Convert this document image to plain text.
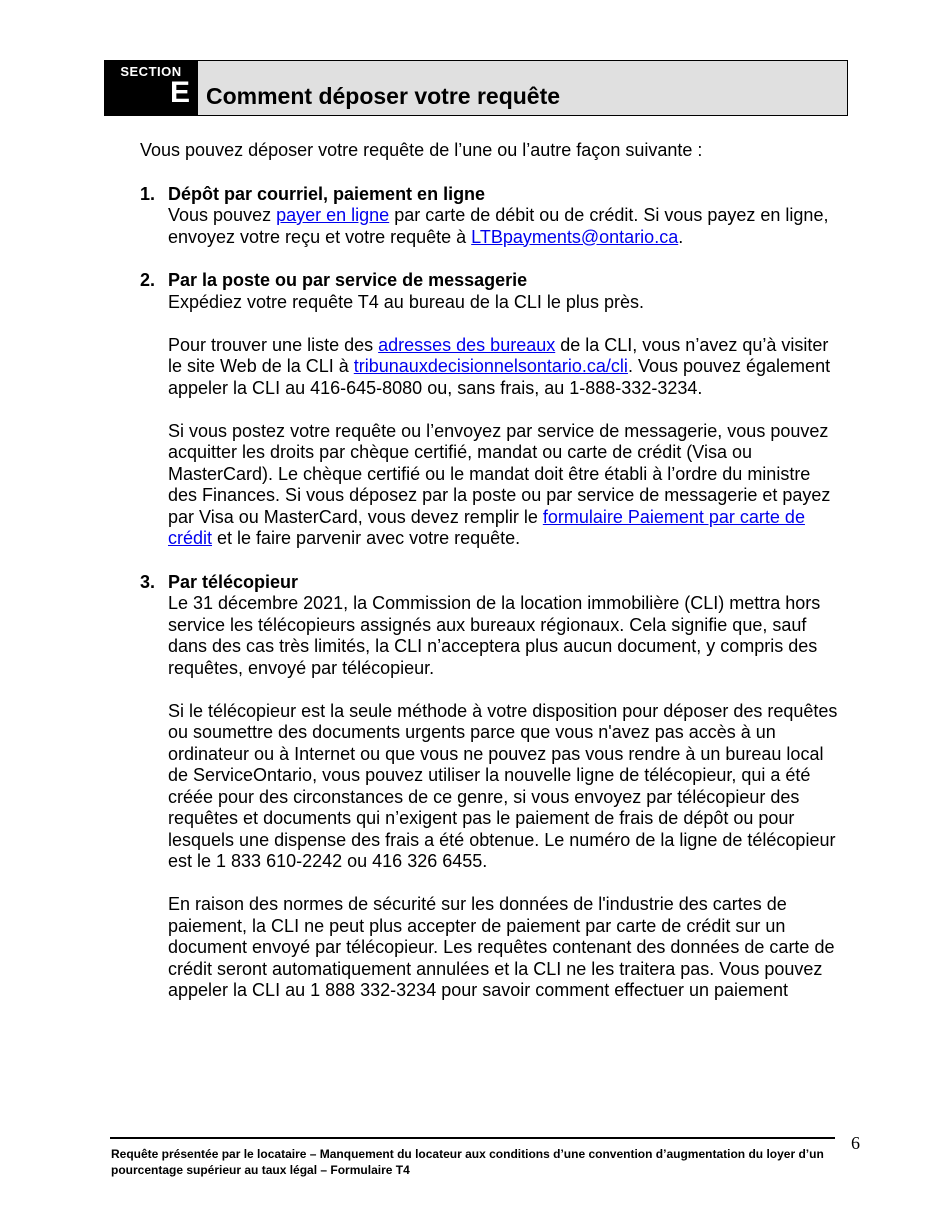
SECTION
E Comment déposer votre requête

Vous pouvez déposer votre requête de l’une ou l’autre façon suivante :

1. Dépôt par courriel, paiement en ligne

Vous pouvez payer en ligne par carte de débit ou de crédit. Si vous payez en ligne, envoyez votre reçu et votre requête à LTBpayments@ontario.ca.

2. Par la poste ou par service de messagerie

Expédiez votre requête T4 au bureau de la CLI le plus près.

Pour trouver une liste des adresses des bureaux de la CLI, vous n’avez qu’à visiter le site Web de la CLI à tribunauxdecisionnelsontario.ca/cli. Vous pouvez également appeler la CLI au 416-645-8080 ou, sans frais, au 1-888-332-3234.

Si vous postez votre requête ou l’envoyez par service de messagerie, vous pouvez acquitter les droits par chèque certifié, mandat ou carte de crédit (Visa ou MasterCard). Le chèque certifié ou le mandat doit être établi à l’ordre du ministre des Finances. Si vous déposez par la poste ou par service de messagerie et payez par Visa ou MasterCard, vous devez remplir le formulaire Paiement par carte de crédit et le faire parvenir avec votre requête.

3. Par télécopieur

Le 31 décembre 2021, la Commission de la location immobilière (CLI) mettra hors service les télécopieurs assignés aux bureaux régionaux. Cela signifie que, sauf dans des cas très limités, la CLI n’acceptera plus aucun document, y compris des requêtes, envoyé par télécopieur.

Si le télécopieur est la seule méthode à votre disposition pour déposer des requêtes ou soumettre des documents urgents parce que vous n'avez pas accès à un ordinateur ou à Internet ou que vous ne pouvez pas vous rendre à un bureau local de ServiceOntario, vous pouvez utiliser la nouvelle ligne de télécopieur, qui a été créée pour des circonstances de ce genre, si vous envoyez par télécopieur des requêtes et documents qui n’exigent pas le paiement de frais de dépôt ou pour lesquels une dispense des frais a été obtenue. Le numéro de la ligne de télécopieur est le 1 833 610-2242 ou 416 326 6455.

En raison des normes de sécurité sur les données de l'industrie des cartes de paiement, la CLI ne peut plus accepter de paiement par carte de crédit sur un document envoyé par télécopieur. Les requêtes contenant des données de carte de crédit seront automatiquement annulées et la CLI ne les traitera pas. Vous pouvez appeler la CLI au 1 888 332-3234 pour savoir comment effectuer un paiement

Requête présentée par le locataire – Manquement du locateur aux conditions d’une convention d’augmentation du loyer d’un pourcentage supérieur au taux légal – Formulaire T4
6
